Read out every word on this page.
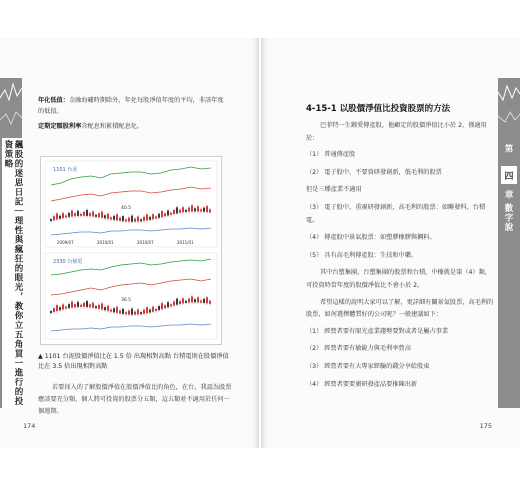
飆股的迷思日記｜理性與瘋狂的眼光，教你立五角買一進行的投資策略
年化低值：金融海嘯時期除外，年化每股淨值年度的平均，非該年度的低值。
定期定額股利率含配息和累積配息化。
1101 台泥
40.5
2009/07	2010/01	2010/07	2011/01
2330 台積電
36.5
▲ 1101 台泥股價淨值比在 1.5 倍 出現相對高點 台積電則在股價淨值比在 3.5 倍出現相對高點
若要採入的了解股價淨值在股價淨值比的角色，在台，我認為股票應該要充分類，個人將可投資的股票分五類，這五類並不適用於任何一個週期。
174
第
四
章 數字說
4-15-1 以股價淨值比投資股票的方法

巴菲特一生鍾愛傳產股，他顧定的股價淨值比小於 2，僅適用於：

（1） 普通傳產股
（2） 電子股中，不要資研發創新，低毛利的股票
但是三種產業不適用
（3） 電子股中，重視研發創新，高毛利的股票：如聯發科、台積電。
（4） 傳產股中景氣股票：如塑膠橡膠與鋼料。
（5） 具有高毛利傳產股：生技和中藥。

其中台塑集團，台塑集團的股票和台積，中橡就是第（4）類，可投資時當年度的股價淨值比不會小於 2。

希望這樣的說明大家可以了解，更詳細有關景氣股票，高毛利的股票，如何選擇體質好的公司呢？一般建議如下：

（1） 經營者要有眼光產業趨勢要對或者是屬占事業
（2） 經營者要有敏銳力與毛利率營高
（3） 經營者要有大專家經驗的錢分享給股東
（4） 經營者要要廣研發產品要推陳出新
175
